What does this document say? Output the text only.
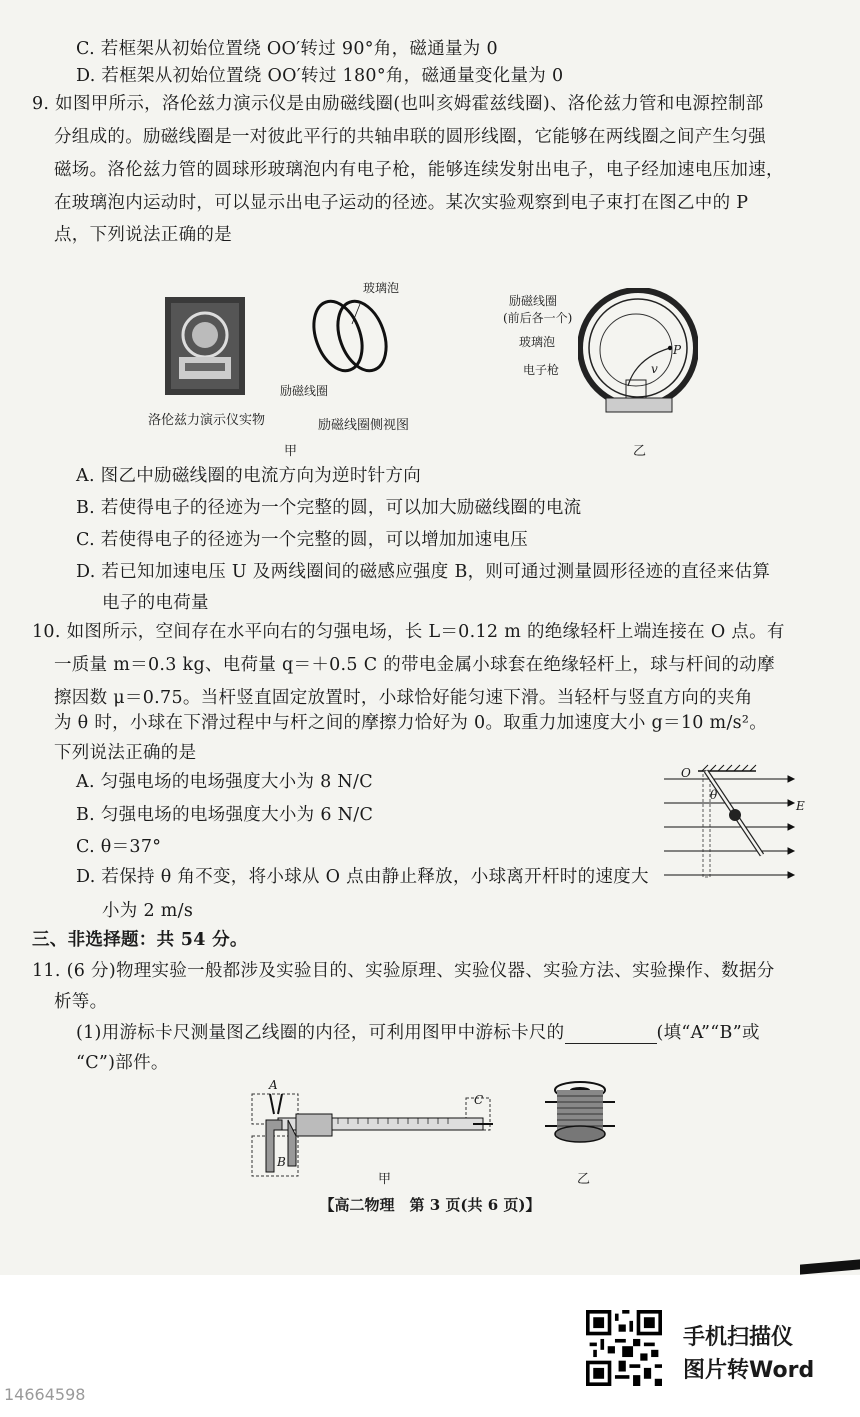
C. 若框架从初始位置绕 OO′转过 90°角，磁通量为 0
D. 若框架从初始位置绕 OO′转过 180°角，磁通量变化量为 0
9. 如图甲所示，洛伦兹力演示仪是由励磁线圈(也叫亥姆霍兹线圈)、洛伦兹力管和电源控制部
分组成的。励磁线圈是一对彼此平行的共轴串联的圆形线圈，它能够在两线圈之间产生匀强
磁场。洛伦兹力管的圆球形玻璃泡内有电子枪，能够连续发射出电子，电子经加速电压加速，
在玻璃泡内运动时，可以显示出电子运动的径迹。某次实验观察到电子束打在图乙中的 P
点，下列说法正确的是
洛伦兹力演示仪实物
玻璃泡
励磁线圈
励磁线圈侧视图
甲
励磁线圈
(前后各一个)
玻璃泡
电子枪
P
v
乙
A. 图乙中励磁线圈的电流方向为逆时针方向
B. 若使得电子的径迹为一个完整的圆，可以加大励磁线圈的电流
C. 若使得电子的径迹为一个完整的圆，可以增加加速电压
D. 若已知加速电压 U 及两线圈间的磁感应强度 B，则可通过测量圆形径迹的直径来估算
电子的电荷量
10. 如图所示，空间存在水平向右的匀强电场，长 L＝0.12 m 的绝缘轻杆上端连接在 O 点。有
一质量 m＝0.3 kg、电荷量 q＝＋0.5 C 的带电金属小球套在绝缘轻杆上，球与杆间的动摩
擦因数 μ＝0.75。当杆竖直固定放置时，小球恰好能匀速下滑。当轻杆与竖直方向的夹角
为 θ 时，小球在下滑过程中与杆之间的摩擦力恰好为 0。取重力加速度大小 g＝10 m/s²。
下列说法正确的是
A. 匀强电场的电场强度大小为 8 N/C
B. 匀强电场的电场强度大小为 6 N/C
C. θ＝37°
D. 若保持 θ 角不变，将小球从 O 点由静止释放，小球离开杆时的速度大
小为 2 m/s
O
E
θ
三、非选择题：共 54 分。
11. (6 分)物理实验一般都涉及实验目的、实验原理、实验仪器、实验方法、实验操作、数据分
析等。
(1)用游标卡尺测量图乙线圈的内径，可利用图甲中游标卡尺的	(填“A”“B”或
“C”)部件。
A
B
C
甲	乙
【高二物理　第 3 页(共 6 页)】
手机扫描仪
图片转Word
14664598
